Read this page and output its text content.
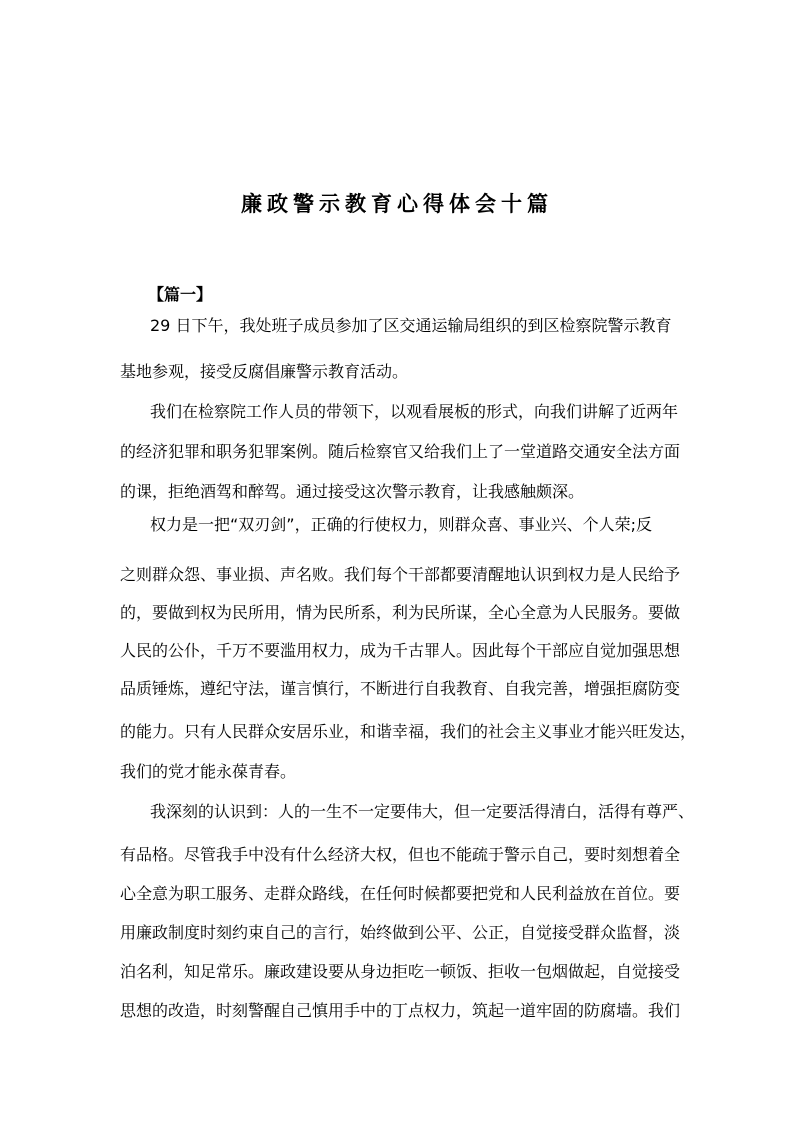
廉政警示教育心得体会十篇
【篇一】
29 日下午，我处班子成员参加了区交通运输局组织的到区检察院警示教育
基地参观，接受反腐倡廉警示教育活动。
我们在检察院工作人员的带领下，以观看展板的形式，向我们讲解了近两年
的经济犯罪和职务犯罪案例。随后检察官又给我们上了一堂道路交通安全法方面
的课，拒绝酒驾和醉驾。通过接受这次警示教育，让我感触颇深。
权力是一把“双刃剑”，正确的行使权力，则群众喜、事业兴、个人荣;反
之则群众怨、事业损、声名败。我们每个干部都要清醒地认识到权力是人民给予
的，要做到权为民所用，情为民所系，利为民所谋，全心全意为人民服务。要做
人民的公仆，千万不要滥用权力，成为千古罪人。因此每个干部应自觉加强思想
品质锤炼，遵纪守法，谨言慎行，不断进行自我教育、自我完善，增强拒腐防变
的能力。只有人民群众安居乐业，和谐幸福，我们的社会主义事业才能兴旺发达，
我们的党才能永葆青春。
我深刻的认识到：人的一生不一定要伟大，但一定要活得清白，活得有尊严、
有品格。尽管我手中没有什么经济大权，但也不能疏于警示自己，要时刻想着全
心全意为职工服务、走群众路线，在任何时候都要把党和人民利益放在首位。要
用廉政制度时刻约束自己的言行，始终做到公平、公正，自觉接受群众监督，淡
泊名利，知足常乐。廉政建设要从身边拒吃一顿饭、拒收一包烟做起，自觉接受
思想的改造，时刻警醒自己慎用手中的丁点权力，筑起一道牢固的防腐墙。我们
